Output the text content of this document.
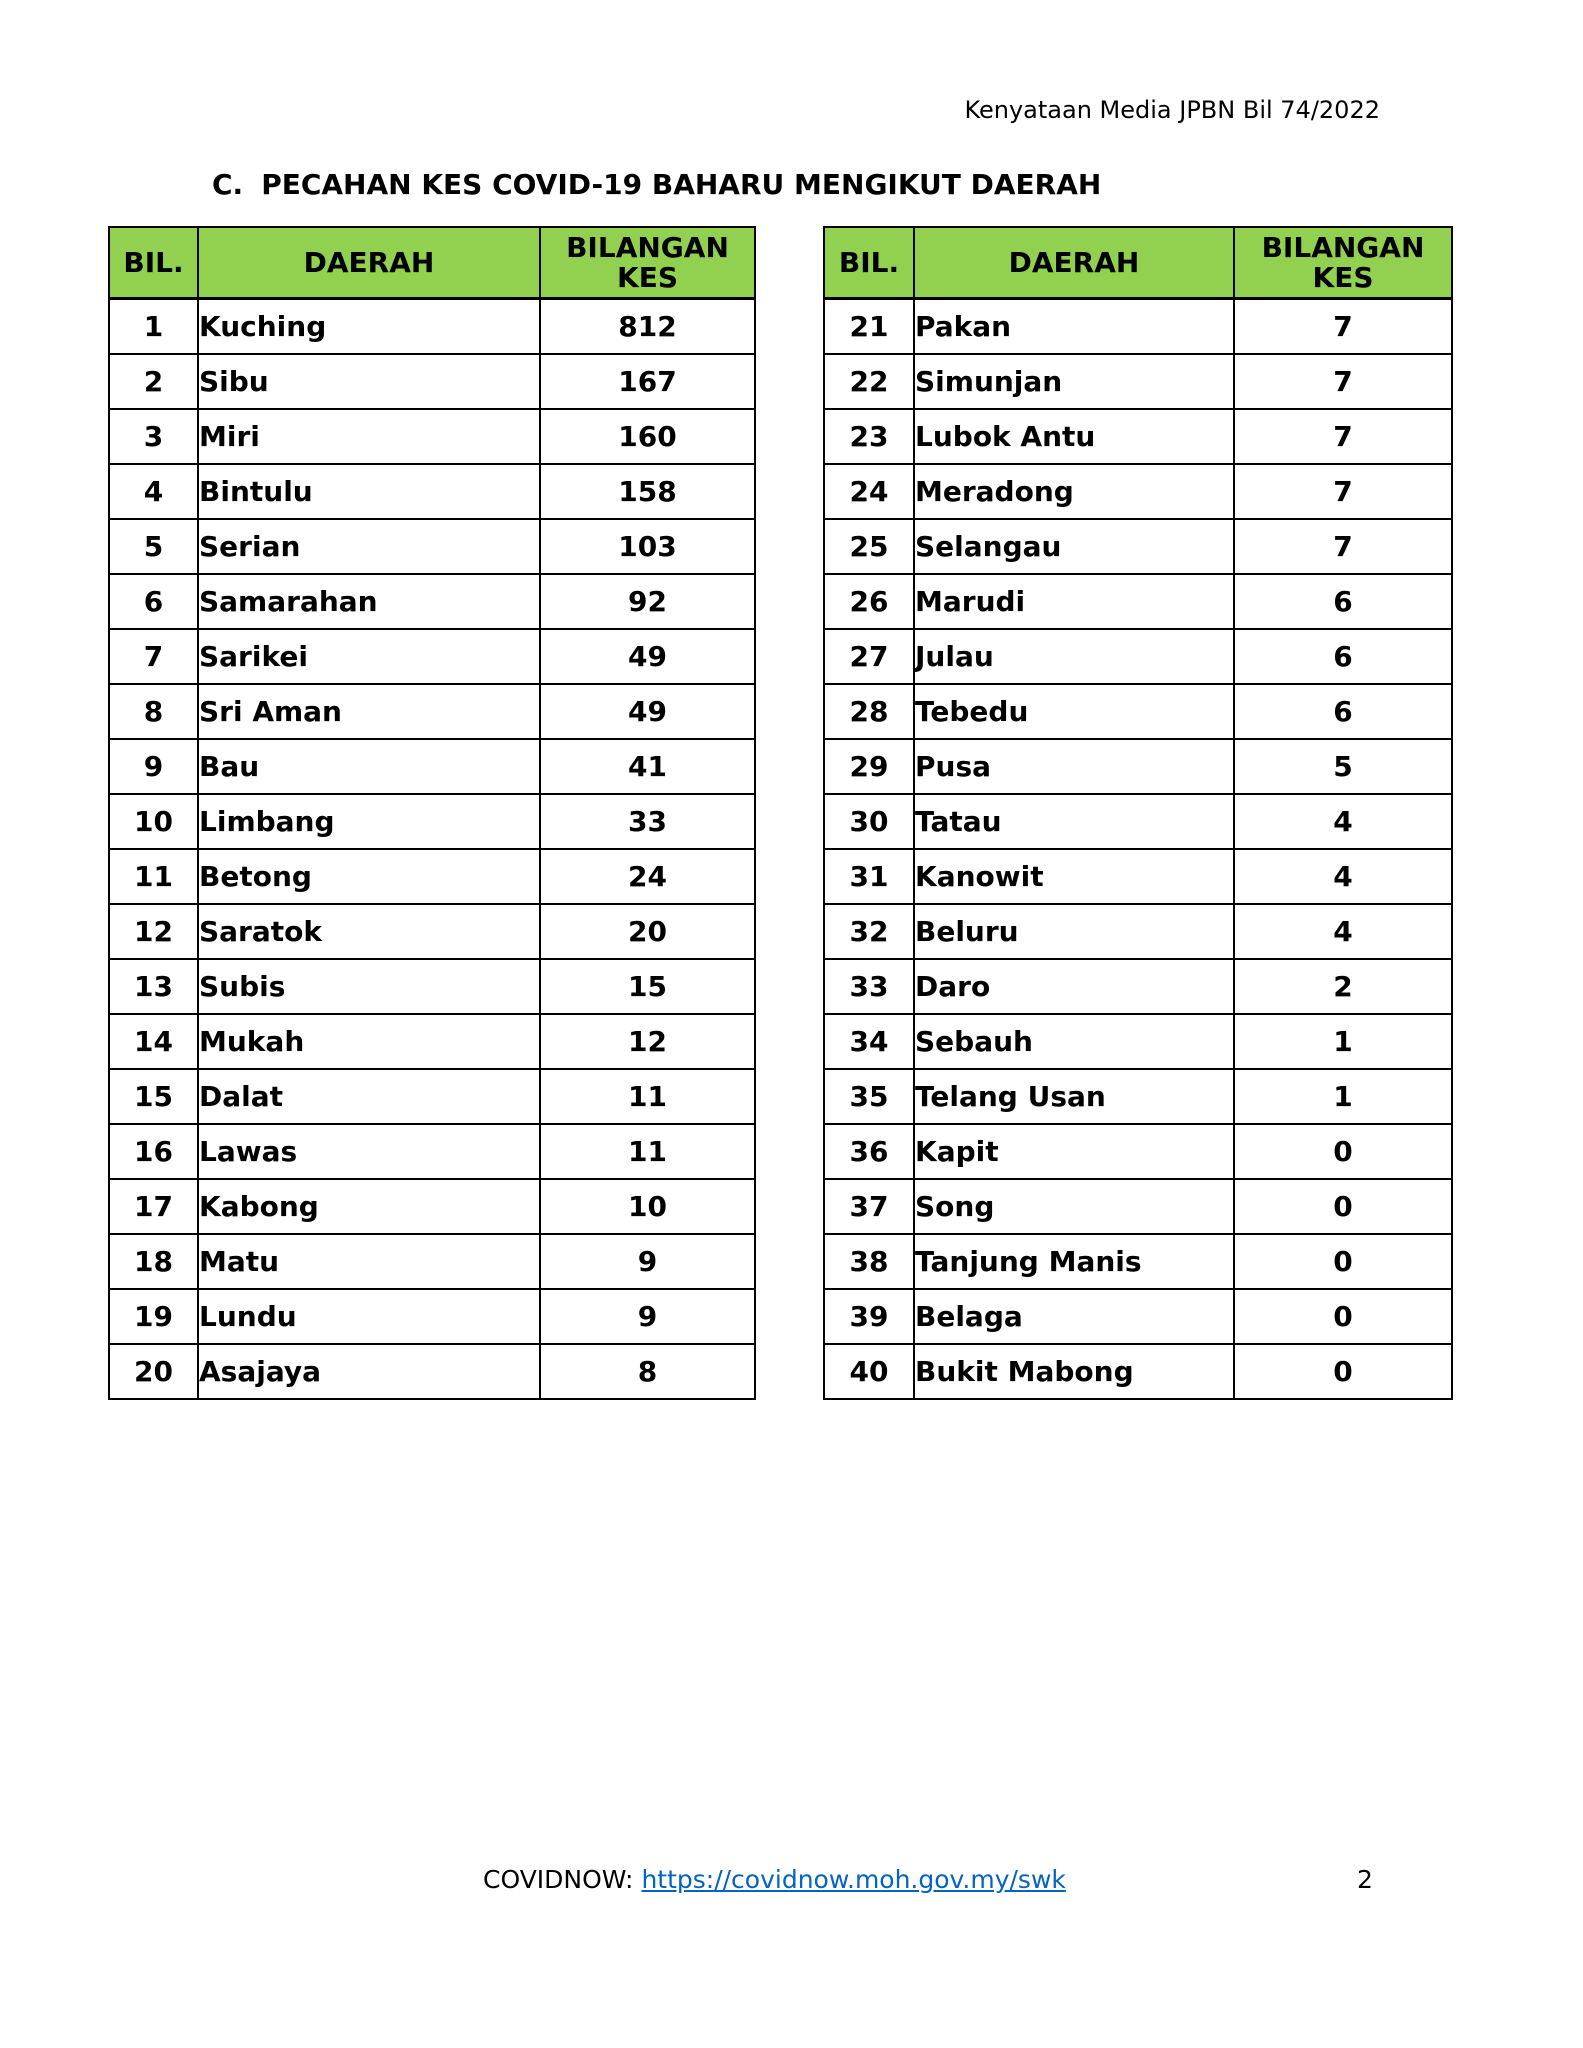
Kenyataan Media JPBN Bil 74/2022
C. PECAHAN KES COVID-19 BAHARU MENGIKUT DAERAH
BIL.	DAERAH	BILANGAN KES
1	Kuching	812
2	Sibu	167
3	Miri	160
4	Bintulu	158
5	Serian	103
6	Samarahan	92
7	Sarikei	49
8	Sri Aman	49
9	Bau	41
10	Limbang	33
11	Betong	24
12	Saratok	20
13	Subis	15
14	Mukah	12
15	Dalat	11
16	Lawas	11
17	Kabong	10
18	Matu	9
19	Lundu	9
20	Asajaya	8
BIL.	DAERAH	BILANGAN KES
21	Pakan	7
22	Simunjan	7
23	Lubok Antu	7
24	Meradong	7
25	Selangau	7
26	Marudi	6
27	Julau	6
28	Tebedu	6
29	Pusa	5
30	Tatau	4
31	Kanowit	4
32	Beluru	4
33	Daro	2
34	Sebauh	1
35	Telang Usan	1
36	Kapit	0
37	Song	0
38	Tanjung Manis	0
39	Belaga	0
40	Bukit Mabong	0
COVIDNOW: https://covidnow.moh.gov.my/swk	2
